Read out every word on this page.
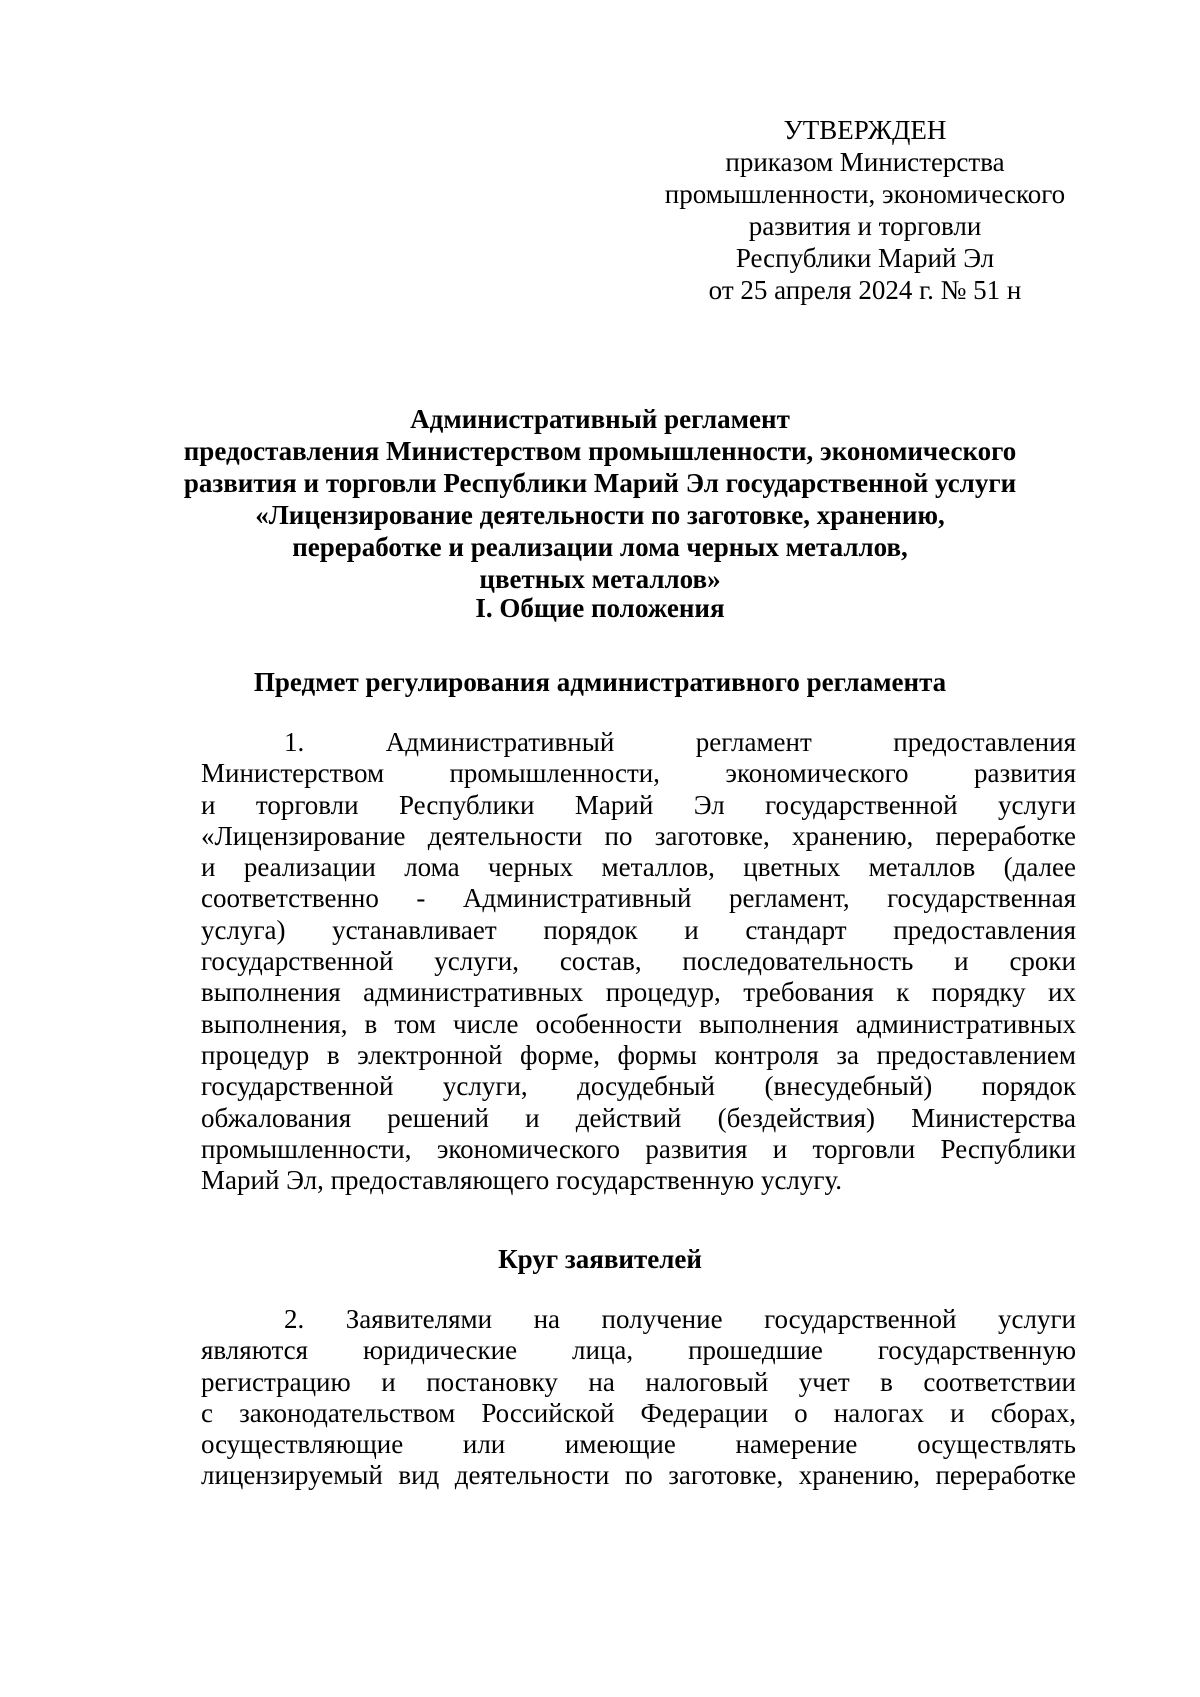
УТВЕРЖДЕН
приказом Министерства
промышленности, экономического
развития и торговли
Республики Марий Эл
от 25 апреля 2024 г. № 51 н
Административный регламент
предоставления Министерством промышленности, экономического
развития и торговли Республики Марий Эл государственной услуги
«Лицензирование деятельности по заготовке, хранению,
переработке и реализации лома черных металлов,
цветных металлов»
I. Общие положения
Предмет регулирования административного регламента
1. Административный регламент предоставления
Министерством промышленности, экономического развития
и торговли Республики Марий Эл государственной услуги
«Лицензирование деятельности по заготовке, хранению, переработке
и реализации лома черных металлов, цветных металлов (далее
соответственно - Административный регламент, государственная
услуга) устанавливает порядок и стандарт предоставления
государственной услуги, состав, последовательность и сроки
выполнения административных процедур, требования к порядку их
выполнения, в том числе особенности выполнения административных
процедур в электронной форме, формы контроля за предоставлением
государственной услуги, досудебный (внесудебный) порядок
обжалования решений и действий (бездействия) Министерства
промышленности, экономического развития и торговли Республики
Марий Эл, предоставляющего государственную услугу.
Круг заявителей
2. Заявителями на получение государственной услуги
являются юридические лица, прошедшие государственную
регистрацию и постановку на налоговый учет в соответствии
с законодательством Российской Федерации о налогах и сборах,
осуществляющие или имеющие намерение осуществлять
лицензируемый вид деятельности по заготовке, хранению, переработке
